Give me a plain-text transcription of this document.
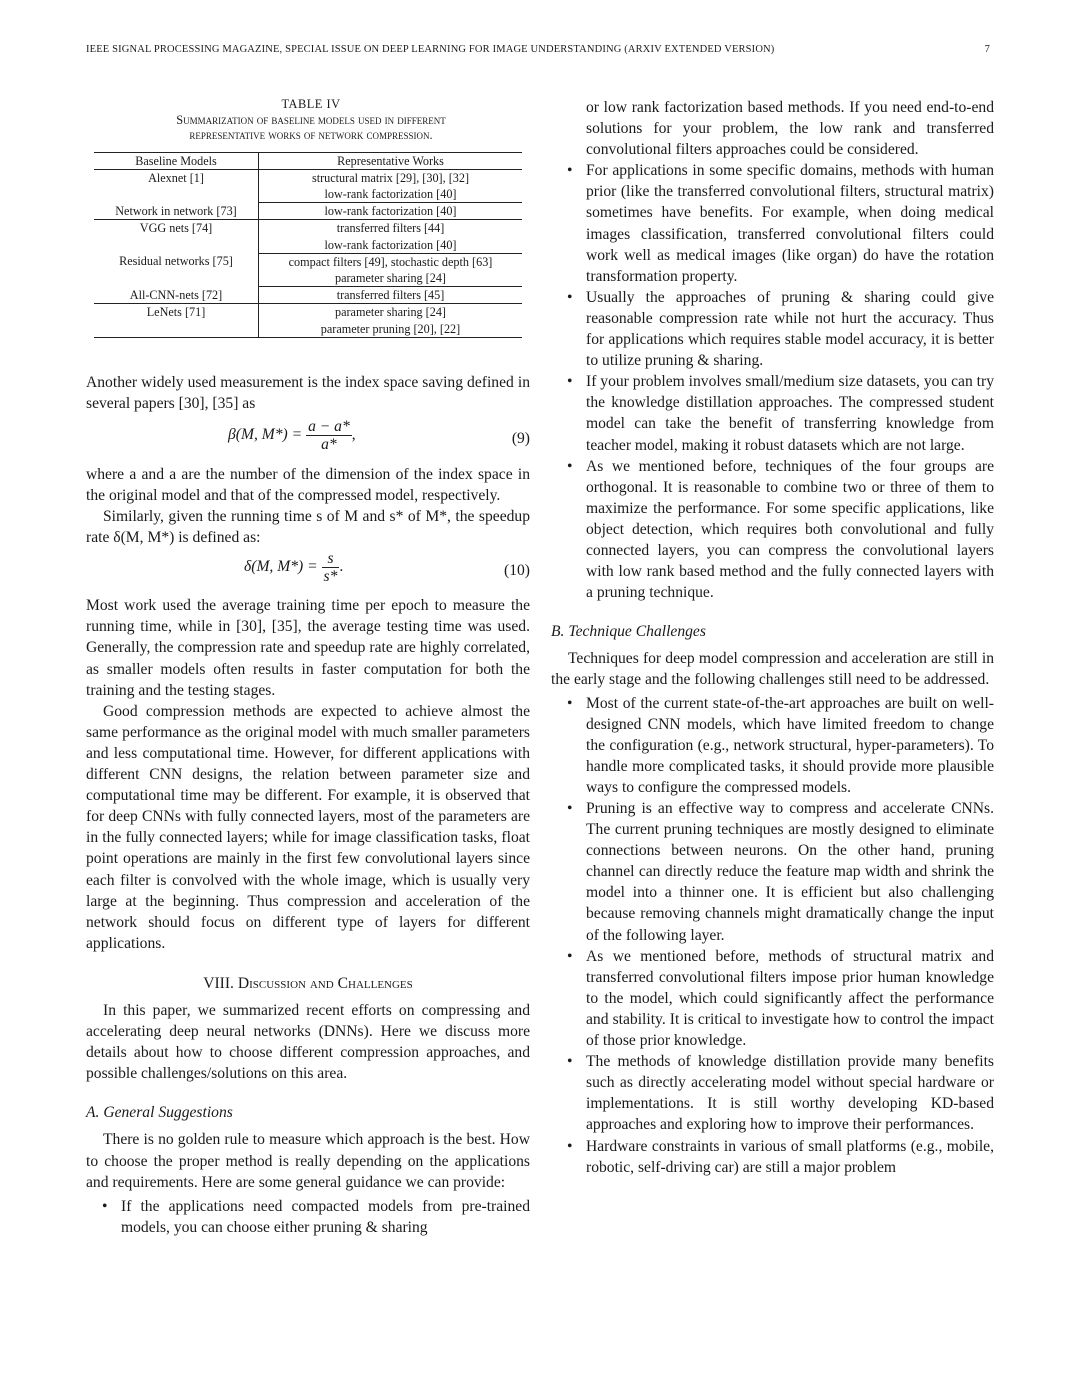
IEEE SIGNAL PROCESSING MAGAZINE, SPECIAL ISSUE ON DEEP LEARNING FOR IMAGE UNDERSTANDING (ARXIV EXTENDED VERSION)	7
TABLE IV
Summarization of baseline models used in different
representative works of network compression.
Baseline Models	Representative Works
Alexnet [1]	structural matrix [29], [30], [32]
	low-rank factorization [40]
Network in network [73]	low-rank factorization [40]
VGG nets [74]	transferred filters [44]
	low-rank factorization [40]
Residual networks [75]	compact filters [49], stochastic depth [63]
	parameter sharing [24]
All-CNN-nets [72]	transferred filters [45]
LeNets [71]	parameter sharing [24]
	parameter pruning [20], [22]

Another widely used measurement is the index space saving defined in several papers [30], [35] as

β(M, $M*) = \frac{a - a*}{a*}$ ,	(9)

where a and a are the number of the dimension of the index space in the original model and that of the compressed model, respectively.

Similarly, given the running time s of M and s* of M*, the speedup rate δ(M, M*) is defined as:

δ(M, $M*) = \frac{s}{s*}$ .	(10)

Most work used the average training time per epoch to measure the running time, while in [30], [35], the average testing time was used. Generally, the compression rate and speedup rate are highly correlated, as smaller models often results in faster computation for both the training and the testing stages.

Good compression methods are expected to achieve almost the same performance as the original model with much smaller parameters and less computational time. However, for different applications with different CNN designs, the relation between parameter size and computational time may be different. For example, it is observed that for deep CNNs with fully connected layers, most of the parameters are in the fully connected layers; while for image classification tasks, float point operations are mainly in the first few convolutional layers since each filter is convolved with the whole image, which is usually very large at the beginning. Thus compression and acceleration of the network should focus on different type of layers for different applications.

VIII. Discussion and Challenges

In this paper, we summarized recent efforts on compressing and accelerating deep neural networks (DNNs). Here we discuss more details about how to choose different compression approaches, and possible challenges/solutions on this area.

A. General Suggestions

There is no golden rule to measure which approach is the best. How to choose the proper method is really depending on the applications and requirements. Here are some general guidance we can provide:

• If the applications need compacted models from pre-trained models, you can choose either pruning & sharing
or low rank factorization based methods. If you need end-to-end solutions for your problem, the low rank and transferred convolutional filters approaches could be considered.
• For applications in some specific domains, methods with human prior (like the transferred convolutional filters, structural matrix) sometimes have benefits. For example, when doing medical images classification, transferred convolutional filters could work well as medical images (like organ) do have the rotation transformation property.
• Usually the approaches of pruning & sharing could give reasonable compression rate while not hurt the accuracy. Thus for applications which requires stable model accuracy, it is better to utilize pruning & sharing.
• If your problem involves small/medium size datasets, you can try the knowledge distillation approaches. The compressed student model can take the benefit of transferring knowledge from teacher model, making it robust datasets which are not large.
• As we mentioned before, techniques of the four groups are orthogonal. It is reasonable to combine two or three of them to maximize the performance. For some specific applications, like object detection, which requires both convolutional and fully connected layers, you can compress the convolutional layers with low rank based method and the fully connected layers with a pruning technique.
B. Technique Challenges

Techniques for deep model compression and acceleration are still in the early stage and the following challenges still need to be addressed.

• Most of the current state-of-the-art approaches are built on well-designed CNN models, which have limited freedom to change the configuration (e.g., network structural, hyper-parameters). To handle more complicated tasks, it should provide more plausible ways to configure the compressed models.
• Pruning is an effective way to compress and accelerate CNNs. The current pruning techniques are mostly designed to eliminate connections between neurons. On the other hand, pruning channel can directly reduce the feature map width and shrink the model into a thinner one. It is efficient but also challenging because removing channels might dramatically change the input of the following layer.
• As we mentioned before, methods of structural matrix and transferred convolutional filters impose prior human knowledge to the model, which could significantly affect the performance and stability. It is critical to investigate how to control the impact of those prior knowledge.
• The methods of knowledge distillation provide many benefits such as directly accelerating model without special hardware or implementations. It is still worthy developing KD-based approaches and exploring how to improve their performances.
• Hardware constraints in various of small platforms (e.g., mobile, robotic, self-driving car) are still a major problem
